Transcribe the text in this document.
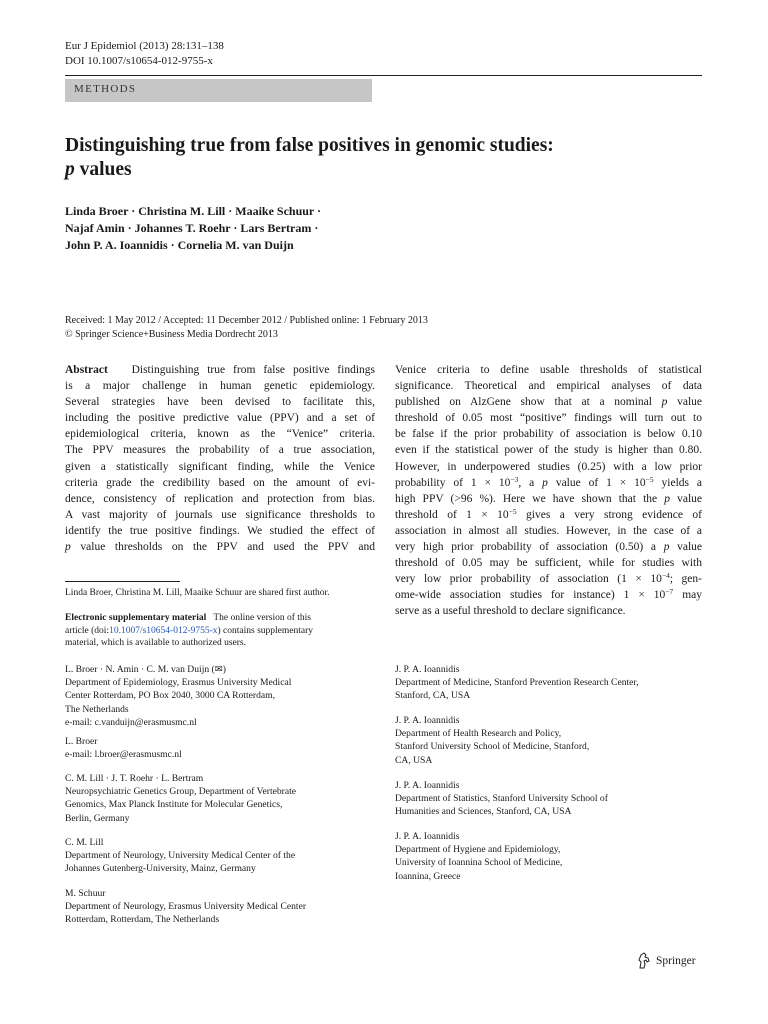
Eur J Epidemiol (2013) 28:131–138
DOI 10.1007/s10654-012-9755-x
METHODS
Distinguishing true from false positives in genomic studies:
p values
Linda Broer · Christina M. Lill · Maaike Schuur ·
Najaf Amin · Johannes T. Roehr · Lars Bertram ·
John P. A. Ioannidis · Cornelia M. van Duijn
Received: 1 May 2012 / Accepted: 11 December 2012 / Published online: 1 February 2013
© Springer Science+Business Media Dordrecht 2013
Abstract Distinguishing true from false positive findings
is a major challenge in human genetic epidemiology.
Several strategies have been devised to facilitate this,
including the positive predictive value (PPV) and a set of
epidemiological criteria, known as the “Venice” criteria.
The PPV measures the probability of a true association,
given a statistically significant finding, while the Venice
criteria grade the credibility based on the amount of evi-
dence, consistency of replication and protection from bias.
A vast majority of journals use significance thresholds to
identify the true positive findings. We studied the effect of
p value thresholds on the PPV and used the PPV and
Venice criteria to define usable thresholds of statistical
significance. Theoretical and empirical analyses of data
published on AlzGene show that at a nominal p value
threshold of 0.05 most “positive” findings will turn out to
be false if the prior probability of association is below 0.10
even if the statistical power of the study is higher than 0.80.
However, in underpowered studies (0.25) with a low prior
probability of $1 \times 10^{-3}$, a p value of $1 \times 10^{-5}$ yields a
high PPV (>96 %). Here we have shown that the p value
threshold of $1 \times 10^{-5}$ gives a very strong evidence of
association in almost all studies. However, in the case of a
very high prior probability of association (0.50) a p value
threshold of 0.05 may be sufficient, while for studies with
very low prior probability of association ($1 \times 10^{-4}$; gen-
ome-wide association studies for instance) $1 \times 10^{-7}$ may
serve as a useful threshold to declare significance.
Linda Broer, Christina M. Lill, Maaike Schuur are shared first author.
Electronic supplementary material The online version of this
article (doi:10.1007/s10654-012-9755-x) contains supplementary
material, which is available to authorized users.
L. Broer · N. Amin · C. M. van Duijn (✉)
Department of Epidemiology, Erasmus University Medical
Center Rotterdam, PO Box 2040, 3000 CA Rotterdam,
The Netherlands
e-mail: c.vanduijn@erasmusmc.nl
L. Broer
e-mail: l.broer@erasmusmc.nl
C. M. Lill · J. T. Roehr · L. Bertram
Neuropsychiatric Genetics Group, Department of Vertebrate
Genomics, Max Planck Institute for Molecular Genetics,
Berlin, Germany
C. M. Lill
Department of Neurology, University Medical Center of the
Johannes Gutenberg-University, Mainz, Germany
M. Schuur
Department of Neurology, Erasmus University Medical Center
Rotterdam, Rotterdam, The Netherlands
J. P. A. Ioannidis
Department of Medicine, Stanford Prevention Research Center,
Stanford, CA, USA
J. P. A. Ioannidis
Department of Health Research and Policy,
Stanford University School of Medicine, Stanford,
CA, USA
J. P. A. Ioannidis
Department of Statistics, Stanford University School of
Humanities and Sciences, Stanford, CA, USA
J. P. A. Ioannidis
Department of Hygiene and Epidemiology,
University of Ioannina School of Medicine,
Ioannina, Greece
Springer
